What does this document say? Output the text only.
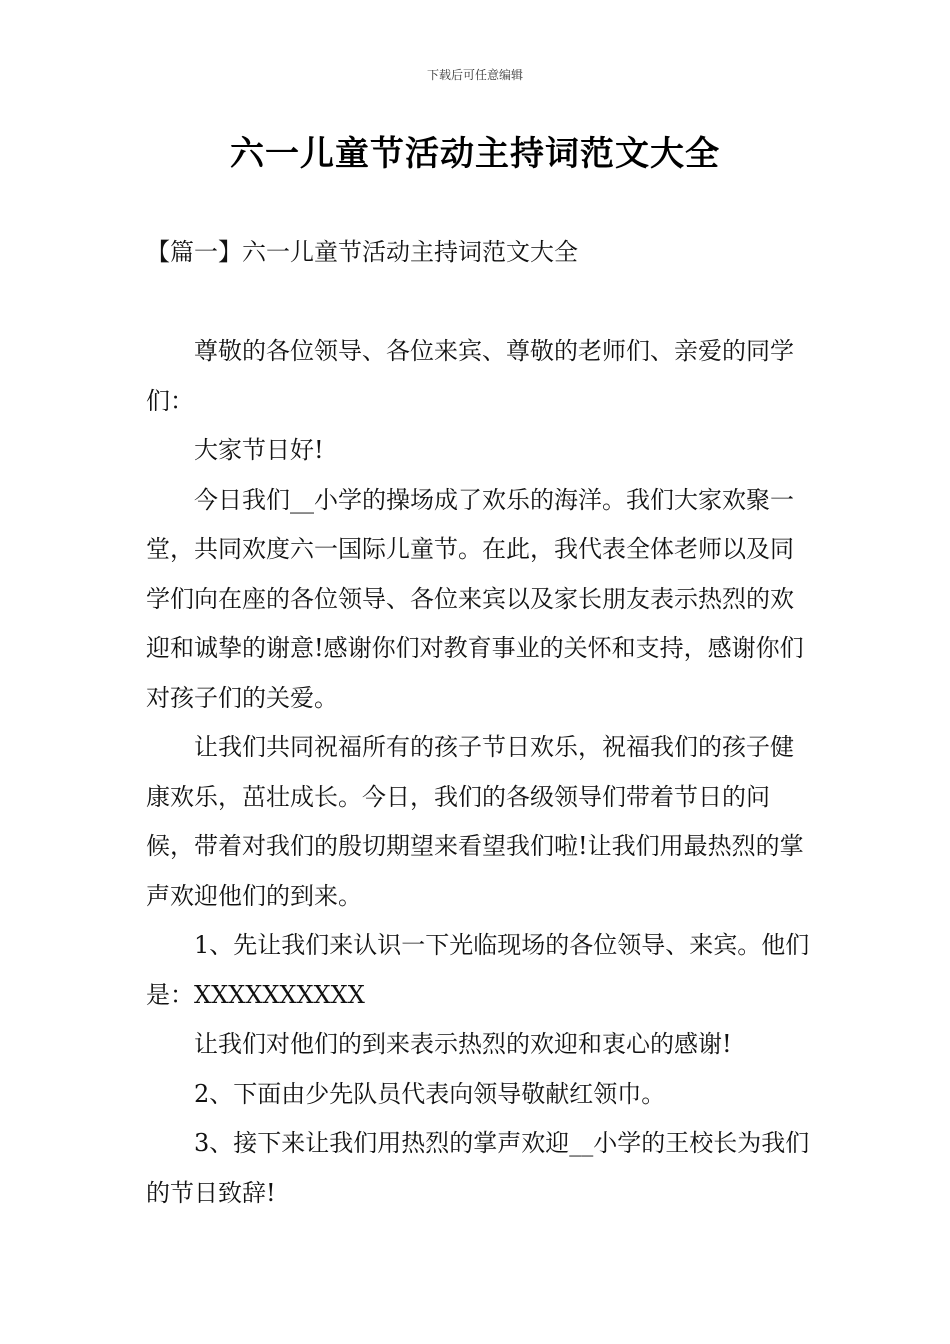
下载后可任意编辑
六一儿童节活动主持词范文大全
【篇一】六一儿童节活动主持词范文大全

尊敬的各位领导、各位来宾、尊敬的老师们、亲爱的同学们：

大家节日好!

今日我们__小学的操场成了欢乐的海洋。我们大家欢聚一堂，共同欢度六一国际儿童节。在此，我代表全体老师以及同学们向在座的各位领导、各位来宾以及家长朋友表示热烈的欢迎和诚挚的谢意!感谢你们对教育事业的关怀和支持，感谢你们对孩子们的关爱。

让我们共同祝福所有的孩子节日欢乐，祝福我们的孩子健康欢乐，茁壮成长。今日，我们的各级领导们带着节日的问候，带着对我们的殷切期望来看望我们啦!让我们用最热烈的掌声欢迎他们的到来。

1、先让我们来认识一下光临现场的各位领导、来宾。他们是：XXXXXXXXXX

让我们对他们的到来表示热烈的欢迎和衷心的感谢!

2、下面由少先队员代表向领导敬献红领巾。

3、接下来让我们用热烈的掌声欢迎__小学的王校长为我们的节日致辞!
